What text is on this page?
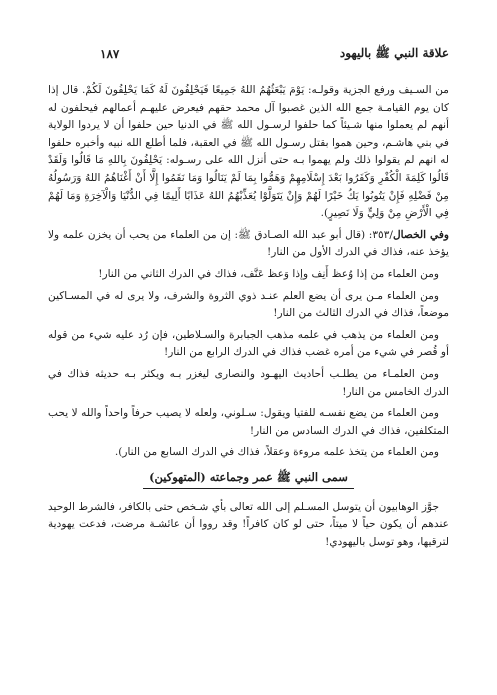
علاقة النبي ﷺ باليهود
١٨٧

من السـيف ورفع الجزية وقولـه: يَوْمَ يَبْعَثُهُمُ اللهُ جَمِيعًا فَيَحْلِفُونَ لَهُ كَمَا يَحْلِفُونَ لَكُمْ. قال إذا كان يوم القيامـة جمع الله الذين غصبوا آل محمد حقهم فيعرض عليهـم أعمالهم فيحلفون له أنهم لم يعملوا منها شـيئاً كما حلفوا لرسـول الله ﷺ في الدنيا حين حلفوا أن لا يردوا الولاية في بني هاشـم، وحين هموا بقتل رسـول الله ﷺ في العقبة، فلما أطلع الله نبيه وأخبره حلفوا له انهم لم يقولوا ذلك ولم يهموا بـه حتى أنزل الله على رسـوله: يَحْلِفُونَ بِاللهِ مَا قَالُوا وَلَقَدْ قَالُوا كَلِمَةَ الْكُفْرِ وَكَفَرُوا بَعْدَ إِسْلَامِهِمْ وَهَمُّوا بِمَا لَمْ يَنَالُوا وَمَا نَقَمُوا إِلَّا أَنْ أَغْنَاهُمُ اللهُ وَرَسُولُهُ مِنْ فَضْلِهِ فَإِنْ يَتُوبُوا يَكُ خَيْرًا لَهُمْ وَإِنْ يَتَوَلَّوْا يُعَذِّبْهُمُ اللهُ عَذَابًا أَلِيمًا فِي الدُّنْيَا وَالْآخِرَةِ وَمَا لَهُمْ فِي الْأَرْضِ مِنْ وَلِيٍّ وَلَا نَصِيرٍ).

وفي الخصال/٣٥٣: (قال أبو عبد الله الصـادق ﷺ: إن من العلماء من يحب أن يخزن علمه ولا يؤخذ عنه، فذاك في الدرك الأول من النار!

ومن العلماء من إذا وُعظ أَنِف وإذا وَعظ عَنَّف، فذاك في الدرك الثاني من النار!

ومن العلماء مـن يرى أن يضع العلم عنـد ذوي الثروة والشرف، ولا يرى له في المسـاكين موضعاً، فذاك في الدرك الثالث من النار!

ومن العلماء من يذهب في علمه مذهب الجبابرة والسـلاطين، فإن رُد عليه شيء من قوله أو قُصر في شيء من أمره غضب فذاك في الدرك الرابع من النار!

ومن العلمـاء من يطلـب أحاديث اليهـود والنصارى ليغزر بـه ويكثر بـه حديثه فذاك في الدرك الخامس من النار!

ومن العلماء من يضع نفسـه للفتيا ويقول: سـلوني، ولعله لا يصيب حرفاً واحداً والله لا يحب المتكلفين، فذاك في الدرك السادس من النار!

ومن العلماء من يتخذ علمه مروءة وعقلاً، فذاك في الدرك السابع من النار).

سمى النبي ﷺ عمر وجماعته (المتهوكين)

جوَّز الوهابيون أن يتوسل المسـلم إلى الله تعالى بأي شـخص حتى بالكافر، فالشرط الوحيد عندهم أن يكون حياً لا ميتاً، حتى لو كان كافراً! وقد رووا أن عائشـة مرضت، فدعت يهودية لترقيها، وهو توسل باليهودي!
